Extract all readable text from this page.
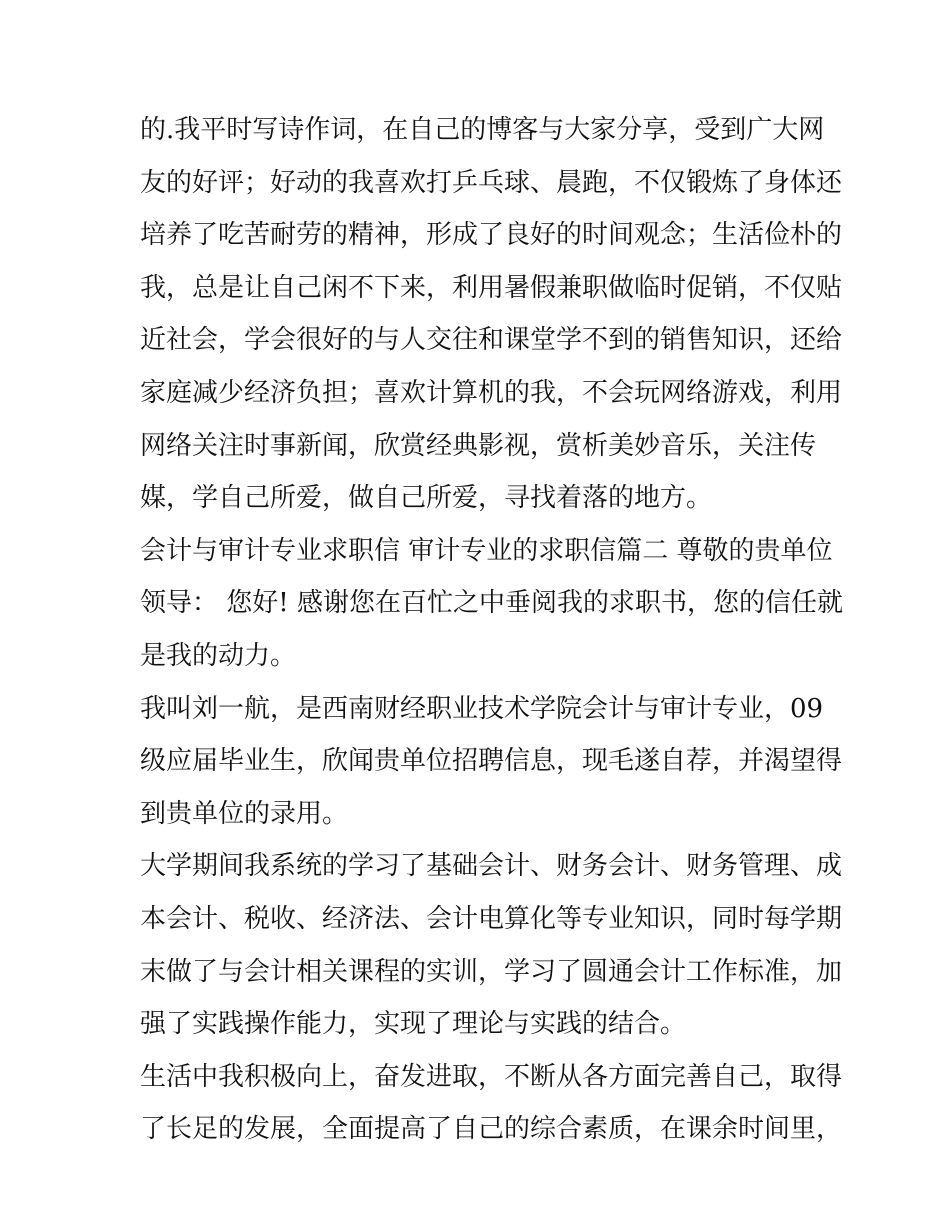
的.我平时写诗作词，在自己的博客与大家分享，受到广大网
友的好评；好动的我喜欢打乒乓球、晨跑，不仅锻炼了身体还
培养了吃苦耐劳的精神，形成了良好的时间观念；生活俭朴的
我，总是让自己闲不下来，利用暑假兼职做临时促销，不仅贴
近社会，学会很好的与人交往和课堂学不到的销售知识，还给
家庭减少经济负担；喜欢计算机的我，不会玩网络游戏，利用
网络关注时事新闻，欣赏经典影视，赏析美妙音乐，关注传
媒，学自己所爱，做自己所爱，寻找着落的地方。
会计与审计专业求职信 审计专业的求职信篇二 尊敬的贵单位
领导： 您好! 感谢您在百忙之中垂阅我的求职书，您的信任就
是我的动力。
我叫刘一航，是西南财经职业技术学院会计与审计专业，09
级应届毕业生，欣闻贵单位招聘信息，现毛遂自荐，并渴望得
到贵单位的录用。
大学期间我系统的学习了基础会计、财务会计、财务管理、成
本会计、税收、经济法、会计电算化等专业知识，同时每学期
末做了与会计相关课程的实训，学习了圆通会计工作标准，加
强了实践操作能力，实现了理论与实践的结合。
生活中我积极向上，奋发进取，不断从各方面完善自己，取得
了长足的发展，全面提高了自己的综合素质，在课余时间里，
